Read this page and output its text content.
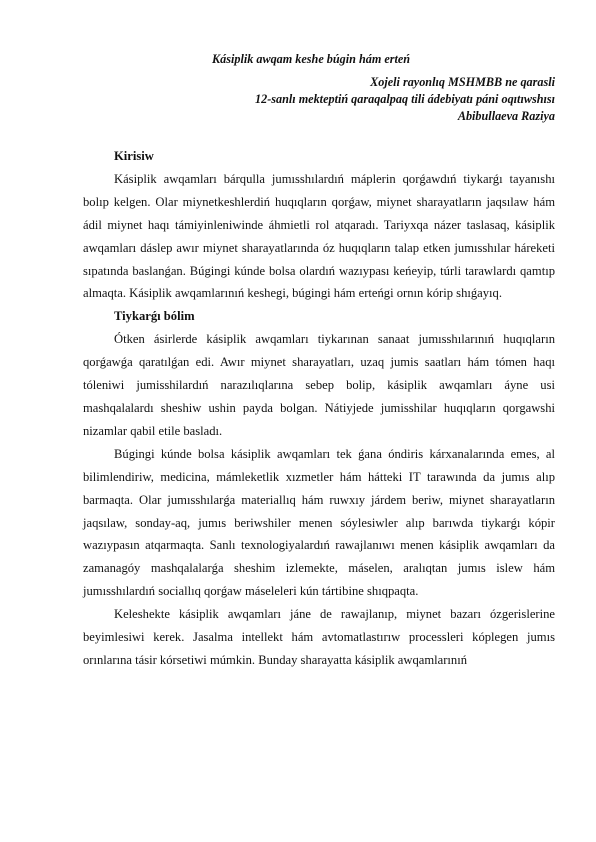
Kásiplik awqam keshe búgin hám erteń
Xojeli rayonlıq MSHMBB ne qarasli
12-sanlı mekteptiń qaraqalpaq tili ádebiyatı páni oqıtıwshısı
Abibullaeva Raziya
Kirisiw

Kásiplik awqamları bárqulla jumısshılardıń máplerin qorǵawdıń tiykarǵı tayanıshı bolıp kelgen. Olar miynetkeshlerdiń huqıqların qorǵaw, miynet sharayatların jaqsılaw hám ádil miynet haqı támiyinleniwinde áhmietli rol atqaradı. Tariyxqa názer taslasaq, kásiplik awqamları dáslep awır miynet sharayatlarında óz huqıqların talap etken jumısshılar háreketi sıpatında baslanǵan. Búgingi kúnde bolsa olardıń wazıypası keńeyip, túrli tarawlardı qamtıp almaqta. Kásiplik awqamlarınıń keshegi, búgingi hám erteńgi ornın kórip shıǵayıq.

Tiykarǵı bólim

Ótken ásirlerde kásiplik awqamları tiykarınan sanaat jumısshılarınıń huqıqların qorǵawǵa qaratılǵan edi. Awır miynet sharayatları, uzaq jumis saatları hám tómen haqı tóleniwi jumisshilardıń narazılıqlarına sebep bolip, kásiplik awqamları áyne usi mashqalalardı sheshiw ushin payda bolgan. Nátiyjede jumisshilar huqıqların qorgawshi nizamlar qabil etile basladı.

Búgingi kúnde bolsa kásiplik awqamları tek ǵana óndiris kárxanalarında emes, al bilimlendiriw, medicina, mámleketlik xızmetler hám hátteki IT tarawında da jumıs alıp barmaqta. Olar jumısshılarǵa materiallıq hám ruwxıy járdem beriw, miynet sharayatların jaqsılaw, sonday-aq, jumıs beriwshiler menen sóylesiwler alıp barıwda tiykarǵı kópir wazıypasın atqarmaqta. Sanlı texnologiyalardıń rawajlanıwı menen kásiplik awqamları da zamanagóy mashqalalarǵa sheshim izlemekte, máselen, aralıqtan jumıs islew hám jumısshılardıń sociallıq qorǵaw máseleleri kún tártibine shıqpaqta.

Keleshekte kásiplik awqamları jáne de rawajlanıp, miynet bazarı ózgerislerine beyimlesiwi kerek. Jasalma intellekt hám avtomatlastırıw processleri kóplegen jumıs orınlarına tásir kórsetiwi múmkin. Bunday sharayatta kásiplik awqamlarınıń
